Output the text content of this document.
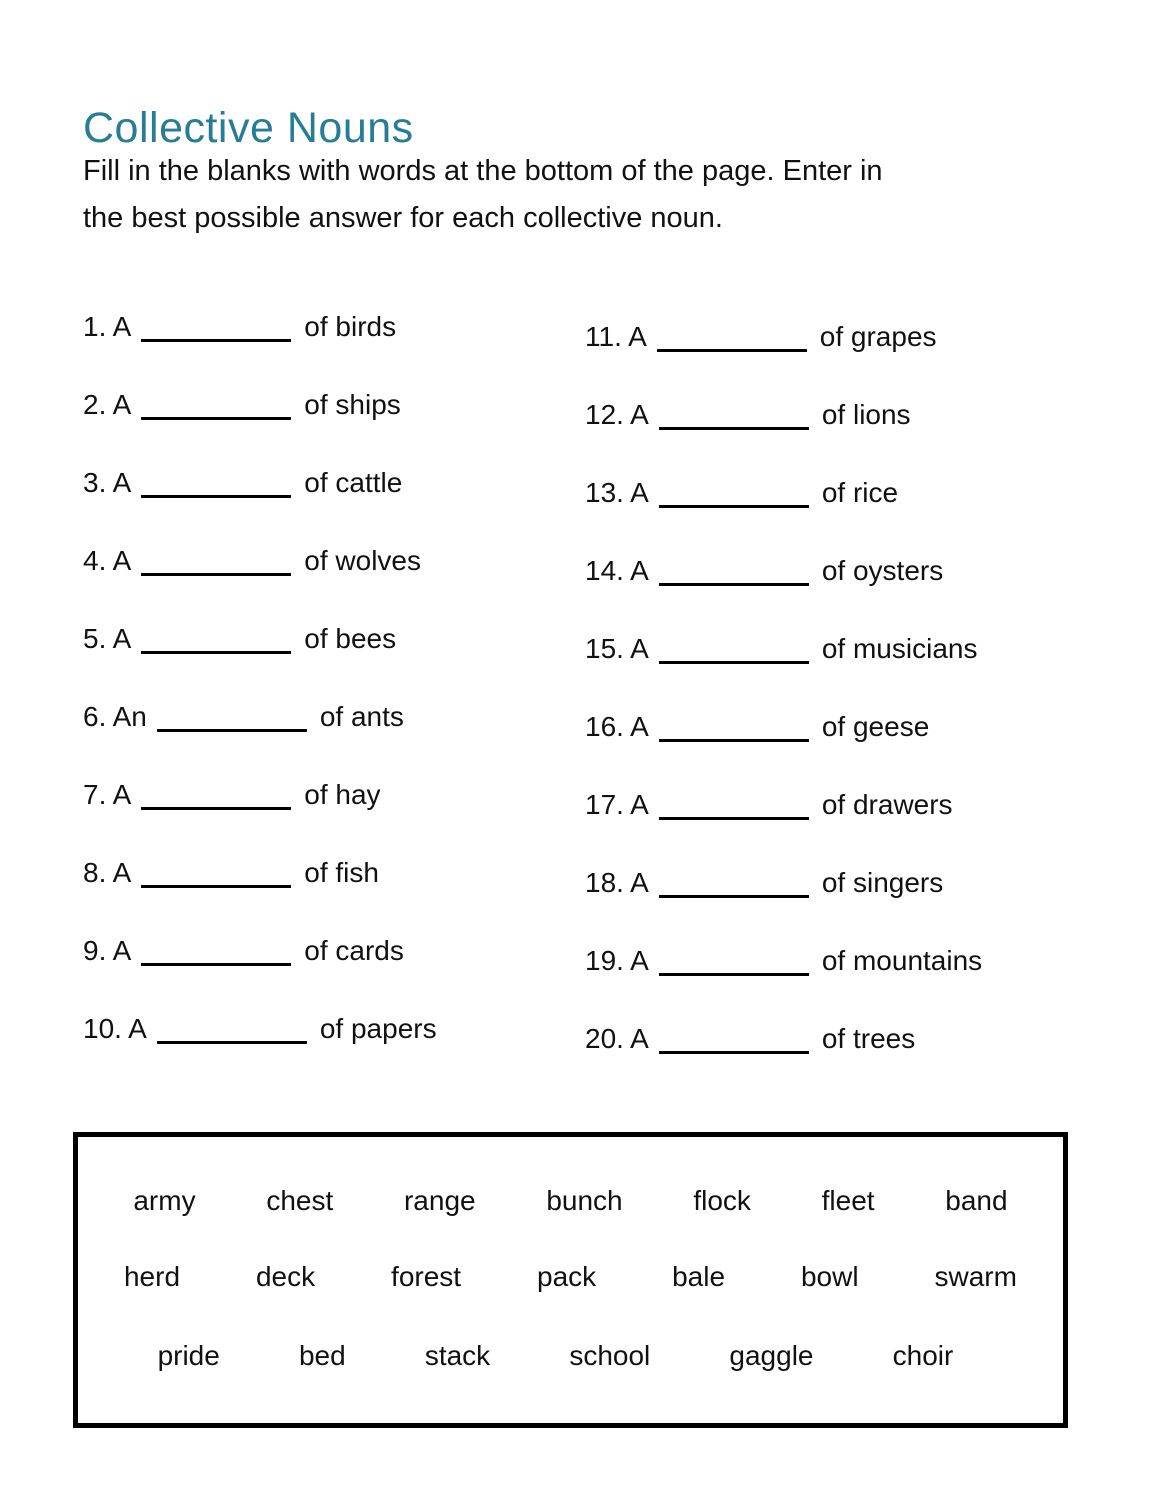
Collective Nouns
Fill in the blanks with words at the bottom of the page. Enter in
the best possible answer for each collective noun.
1. A	of birds
2. A	of ships
3. A	of cattle
4. A	of wolves
5. A	of bees
6. An	of ants
7. A	of hay
8. A	of fish
9. A	of cards
10. A	of papers
11. A	of grapes
12. A	of lions
13. A	of rice
14. A	of oysters
15. A	of musicians
16. A	of geese
17. A	of drawers
18. A	of singers
19. A	of mountains
20. A	of trees
army	chest	range	bunch	flock	fleet	band
herd	deck	forest	pack	bale	bowl	swarm
pride	bed	stack	school	gaggle	choir
